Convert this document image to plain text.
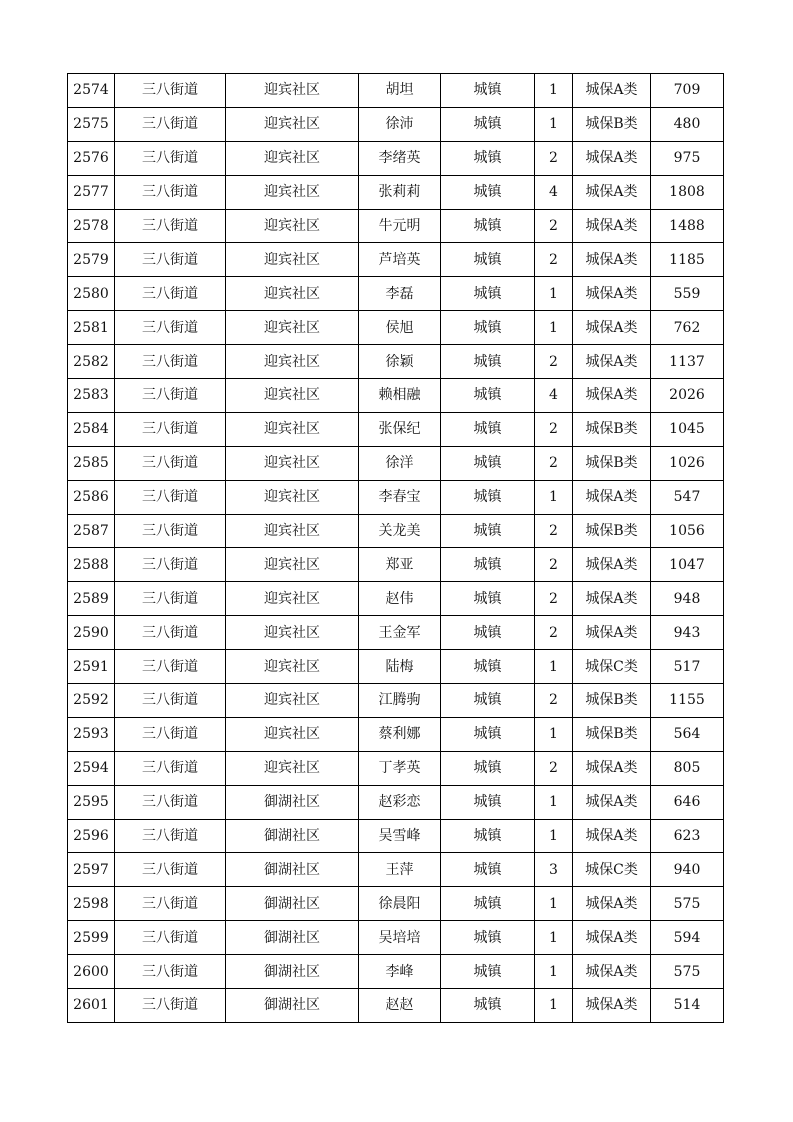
2574	三八街道	迎宾社区	胡坦	城镇	1	城保A类	709
2575	三八街道	迎宾社区	徐沛	城镇	1	城保B类	480
2576	三八街道	迎宾社区	李绪英	城镇	2	城保A类	975
2577	三八街道	迎宾社区	张莉莉	城镇	4	城保A类	1808
2578	三八街道	迎宾社区	牛元明	城镇	2	城保A类	1488
2579	三八街道	迎宾社区	芦培英	城镇	2	城保A类	1185
2580	三八街道	迎宾社区	李磊	城镇	1	城保A类	559
2581	三八街道	迎宾社区	侯旭	城镇	1	城保A类	762
2582	三八街道	迎宾社区	徐颖	城镇	2	城保A类	1137
2583	三八街道	迎宾社区	赖相融	城镇	4	城保A类	2026
2584	三八街道	迎宾社区	张保纪	城镇	2	城保B类	1045
2585	三八街道	迎宾社区	徐洋	城镇	2	城保B类	1026
2586	三八街道	迎宾社区	李春宝	城镇	1	城保A类	547
2587	三八街道	迎宾社区	关龙美	城镇	2	城保B类	1056
2588	三八街道	迎宾社区	郑亚	城镇	2	城保A类	1047
2589	三八街道	迎宾社区	赵伟	城镇	2	城保A类	948
2590	三八街道	迎宾社区	王金军	城镇	2	城保A类	943
2591	三八街道	迎宾社区	陆梅	城镇	1	城保C类	517
2592	三八街道	迎宾社区	江腾驹	城镇	2	城保B类	1155
2593	三八街道	迎宾社区	蔡利娜	城镇	1	城保B类	564
2594	三八街道	迎宾社区	丁孝英	城镇	2	城保A类	805
2595	三八街道	御湖社区	赵彩恋	城镇	1	城保A类	646
2596	三八街道	御湖社区	吴雪峰	城镇	1	城保A类	623
2597	三八街道	御湖社区	王萍	城镇	3	城保C类	940
2598	三八街道	御湖社区	徐晨阳	城镇	1	城保A类	575
2599	三八街道	御湖社区	吴培培	城镇	1	城保A类	594
2600	三八街道	御湖社区	李峰	城镇	1	城保A类	575
2601	三八街道	御湖社区	赵赵	城镇	1	城保A类	514
